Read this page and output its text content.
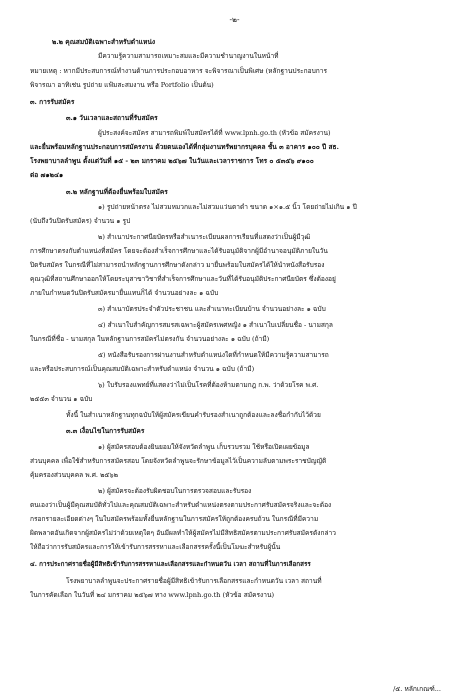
-๒-
๒.๒ คุณสมบัติเฉพาะสำหรับตำแหน่ง
มีความรู้ความสามารถเหมาะสมและมีความชำนาญงานในหน้าที่
หมายเหตุ : หากมีประสบการณ์ทำงานด้านการประกอบอาหาร จะพิจารณาเป็นพิเศษ (หลักฐานประกอบการ
พิจารณา อาทิเช่น รูปถ่าย แฟ้มสะสมงาน หรือ Portfolio เป็นต้น)
๓. การรับสมัคร
๓.๑ วันเวลาและสถานที่รับสมัคร
ผู้ประสงค์จะสมัคร สามารถพิมพ์ใบสมัครได้ที่ www.lpnh.go.th (หัวข้อ สมัครงาน)
และยื่นพร้อมหลักฐานประกอบการสมัครงาน ด้วยตนเองได้ที่กลุ่มงานทรัพยากรบุคคล ชั้น ๓ อาคาร ๑๐๐ ปี สธ.
โรงพยาบาลลำพูน ตั้งแต่วันที่ ๑๕ - ๒๓ มกราคม ๒๕๖๗ ในวันและเวลาราชการ โทร ๐ ๕๓๕๖ ๙๑๐๐
ต่อ ๗๑๒๔๑
๓.๒ หลักฐานที่ต้องยื่นพร้อมใบสมัคร
๑) รูปถ่ายหน้าตรง ไม่สวมหมวกและไม่สวมแว่นตาดำ ขนาด ๑×๑.๕ นิ้ว โดยถ่ายไม่เกิน ๑ ปี
(นับถึงวันปิดรับสมัคร) จำนวน ๑ รูป
๒) สำเนาประกาศนียบัตรหรือสำเนาระเบียนผลการเรียนที่แสดงว่าเป็นผู้มีวุฒิ
การศึกษาตรงกับตำแหน่งที่สมัคร โดยจะต้องสำเร็จการศึกษาและได้รับอนุมัติจากผู้มีอำนาจอนุมัติภายในวัน
ปิดรับสมัคร ในกรณีที่ไม่สามารถนำหลักฐานการศึกษาดังกล่าว มายื่นพร้อมใบสมัครได้ให้นำหนังสือรับรอง
คุณวุฒิที่สถานศึกษาออกให้โดยระบุสาขาวิชาที่สำเร็จการศึกษาและวันที่ได้รับอนุมัติประกาศนียบัตร ซึ่งต้องอยู่
ภายในกำหนดวันปิดรับสมัครมายื่นแทนก็ได้ จำนวนอย่างละ ๑ ฉบับ
๓) สำเนาบัตรประจำตัวประชาชน และสำเนาทะเบียนบ้าน จำนวนอย่างละ ๑ ฉบับ
๔) สำเนาใบสำคัญการสมรสเฉพาะผู้สมัครเพศหญิง ๑ สำเนาใบเปลี่ยนชื่อ - นามสกุล
ในกรณีที่ชื่อ - นามสกุล ในหลักฐานการสมัครไม่ตรงกัน จำนวนอย่างละ ๑ ฉบับ (ถ้ามี)
๕) หนังสือรับรองการผ่านงานสำหรับตำแหน่งใดที่กำหนดให้มีความรู้ความสามารถ
และหรือประสบการณ์เป็นคุณสมบัติเฉพาะสำหรับตำแหน่ง จำนวน ๑ ฉบับ (ถ้ามี)
๖) ใบรับรองแพทย์ที่แสดงว่าไม่เป็นโรคที่ต้องห้ามตามกฎ ก.พ. ว่าด้วยโรค พ.ศ.
๒๕๕๓ จำนวน ๑ ฉบับ
ทั้งนี้ ในสำเนาหลักฐานทุกฉบับให้ผู้สมัครเขียนคำรับรองสำเนาถูกต้องและลงชื่อกำกับไว้ด้วย
๓.๓ เงื่อนไขในการรับสมัคร
๑) ผู้สมัครสอบต้องยินยอมให้จังหวัดลำพูน เก็บรวบรวม ใช้หรือเปิดเผยข้อมูล
ส่วนบุคคล เพื่อใช้สำหรับการสมัครสอบ โดยจังหวัดลำพูนจะรักษาข้อมูลไว้เป็นความลับตามพระราชบัญญัติ
คุ้มครองส่วนบุคคล พ.ศ. ๒๕๖๒
๒) ผู้สมัครจะต้องรับผิดชอบในการตรวจสอบและรับรอง
ตนเองว่าเป็นผู้มีคุณสมบัติทั่วไปและคุณสมบัติเฉพาะสำหรับตำแหน่งตรงตามประกาศรับสมัครจริงและจะต้อง
กรอกรายละเอียดต่างๆ ในใบสมัครพร้อมทั้งยื่นหลักฐานในการสมัครให้ถูกต้องครบถ้วน ในกรณีที่มีความ
ผิดพลาดอันเกิดจากผู้สมัครไม่ว่าด้วยเหตุใดๆ อันมีผลทำให้ผู้สมัครไม่มีสิทธิสมัครตามประกาศรับสมัครดังกล่าว
ให้ถือว่าการรับสมัครและการให้เข้ารับการสรรหาและเลือกสรรครั้งนี้เป็นโมฆะสำหรับผู้นั้น
๔. การประกาศรายชื่อผู้มีสิทธิเข้ารับการสรรหาและเลือกสรรและกำหนดวัน เวลา สถานที่ในการเลือกสรร
โรงพยาบาลลำพูนจะประกาศรายชื่อผู้มีสิทธิเข้ารับการเลือกสรรและกำหนดวัน เวลา สถานที่
ในการคัดเลือก ในวันที่ ๒๔ มกราคม ๒๕๖๗ ทาง www.lpnh.go.th (หัวข้อ สมัครงาน)
/๕. หลักเกณฑ์...
